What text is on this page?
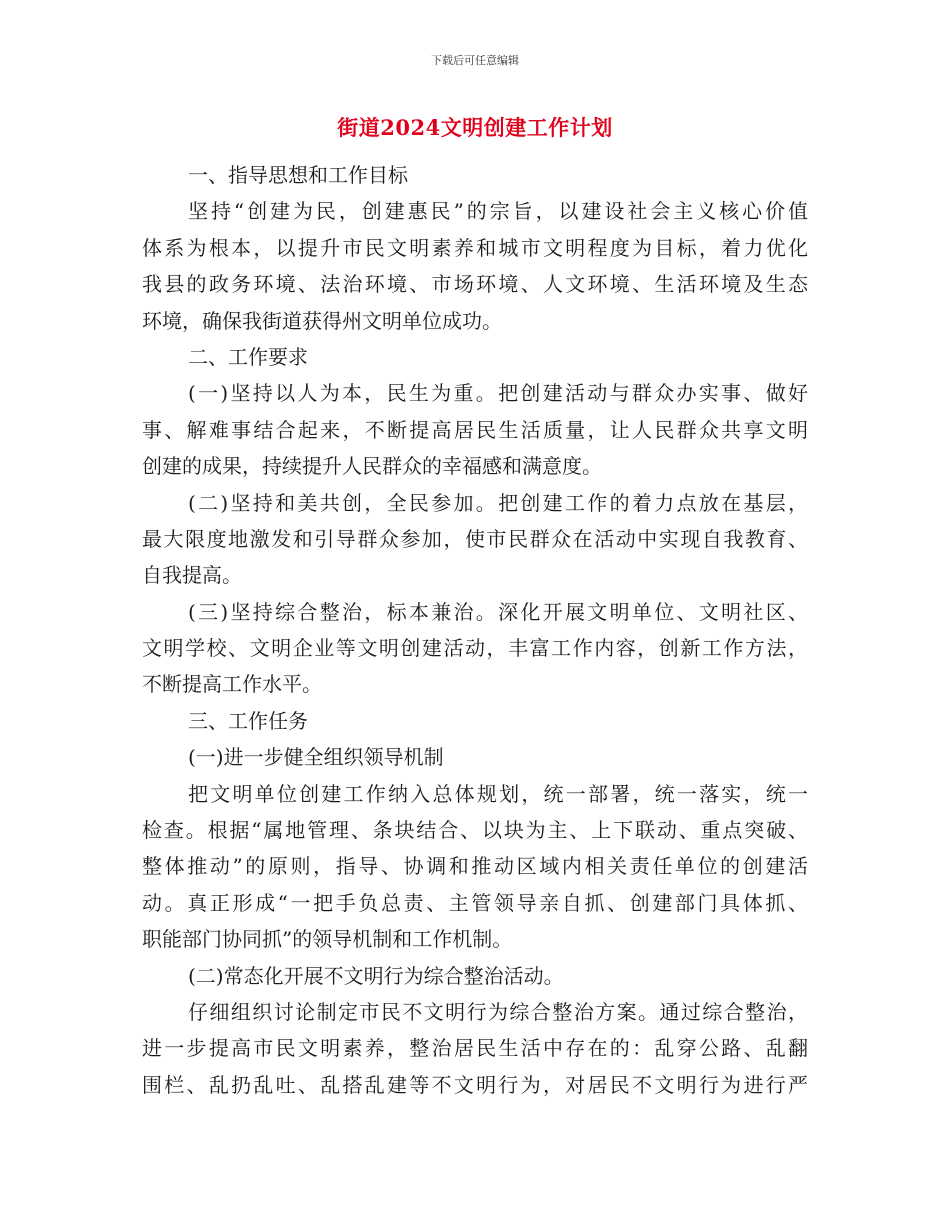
下载后可任意编辑
街道2024文明创建工作计划
一、指导思想和工作目标
坚持“创建为民，创建惠民”的宗旨，以建设社会主义核心价值
体系为根本，以提升市民文明素养和城市文明程度为目标，着力优化
我县的政务环境、法治环境、市场环境、人文环境、生活环境及生态
环境，确保我街道获得州文明单位成功。
二、工作要求
(一)坚持以人为本，民生为重。把创建活动与群众办实事、做好
事、解难事结合起来，不断提高居民生活质量，让人民群众共享文明
创建的成果，持续提升人民群众的幸福感和满意度。
(二)坚持和美共创，全民参加。把创建工作的着力点放在基层，
最大限度地激发和引导群众参加，使市民群众在活动中实现自我教育、
自我提高。
(三)坚持综合整治，标本兼治。深化开展文明单位、文明社区、
文明学校、文明企业等文明创建活动，丰富工作内容，创新工作方法，
不断提高工作水平。
三、工作任务
(一)进一步健全组织领导机制
把文明单位创建工作纳入总体规划，统一部署，统一落实，统一
检查。根据“属地管理、条块结合、以块为主、上下联动、重点突破、
整体推动”的原则，指导、协调和推动区域内相关责任单位的创建活
动。真正形成“一把手负总责、主管领导亲自抓、创建部门具体抓、
职能部门协同抓”的领导机制和工作机制。
(二)常态化开展不文明行为综合整治活动。
仔细组织讨论制定市民不文明行为综合整治方案。通过综合整治，
进一步提高市民文明素养，整治居民生活中存在的：乱穿公路、乱翻
围栏、乱扔乱吐、乱搭乱建等不文明行为，对居民不文明行为进行严
